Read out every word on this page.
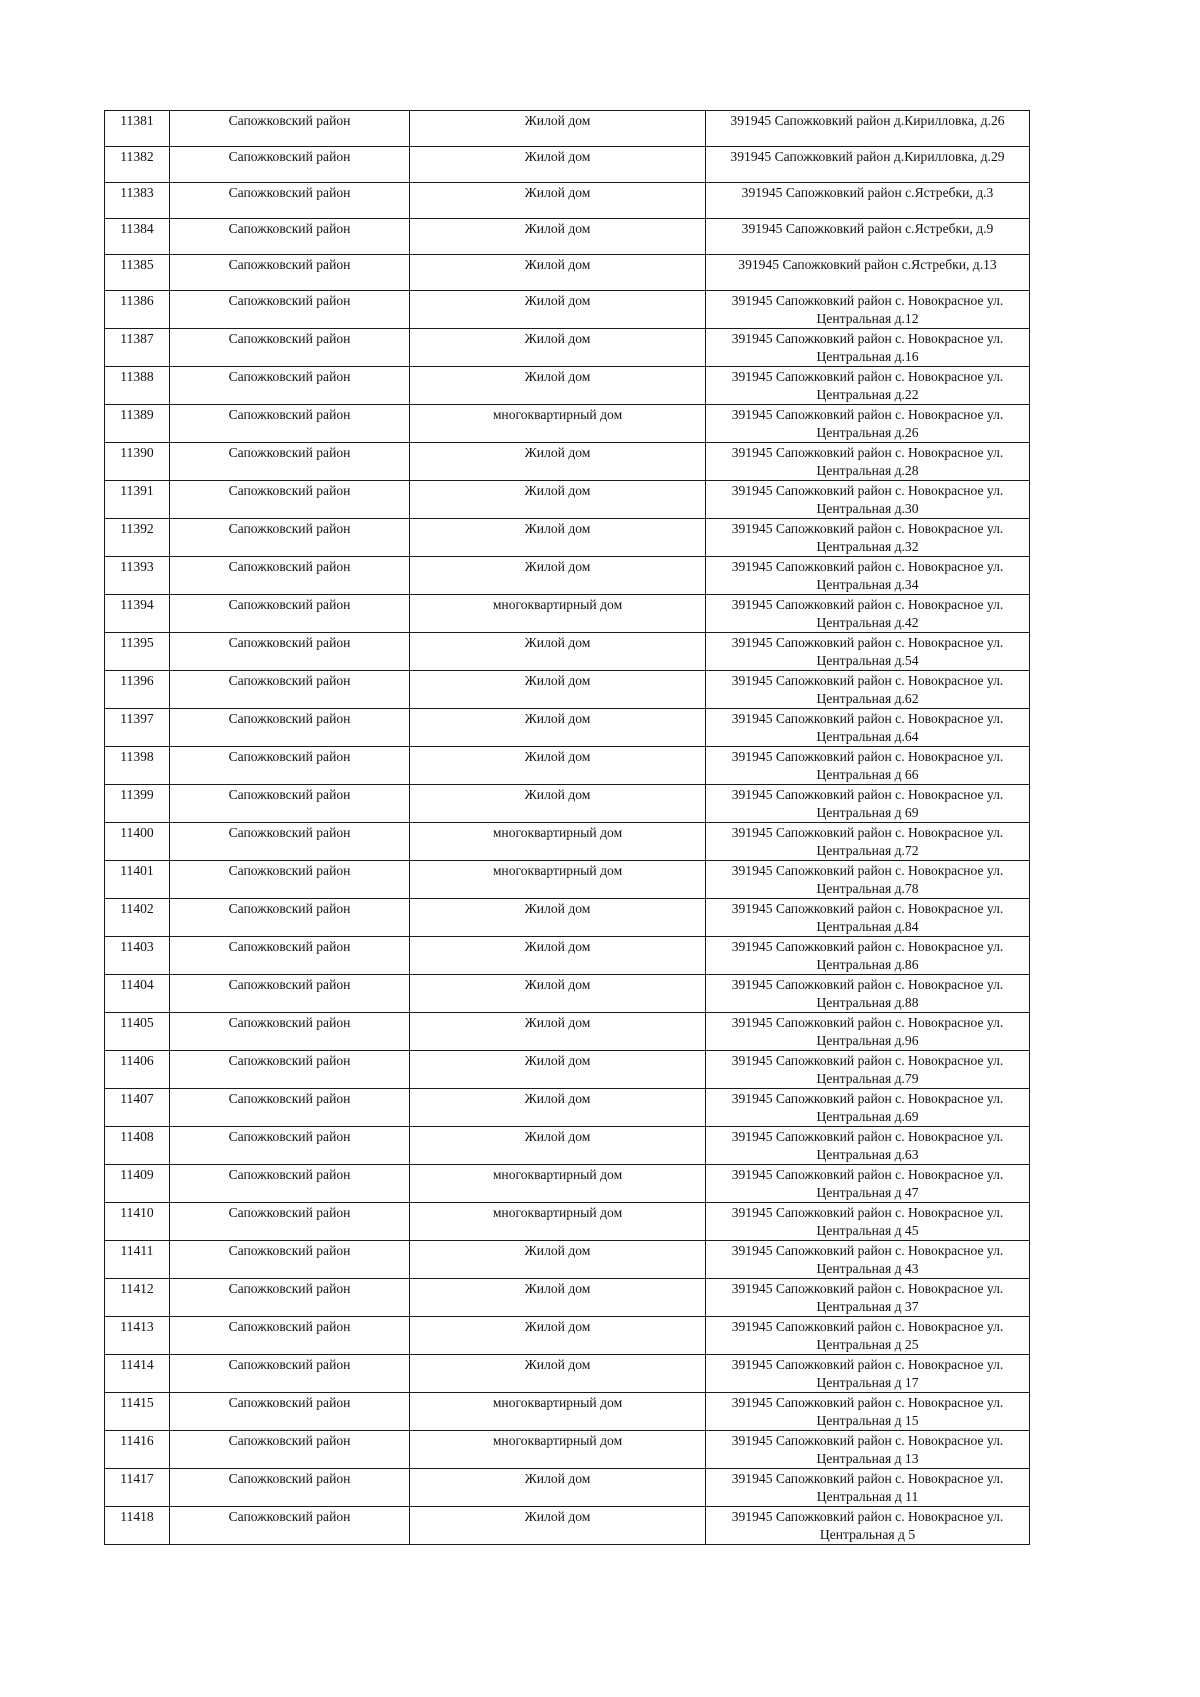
11381	Сапожковский район	Жилой дом	391945 Сапожковкий район д.Кирилловка, д.26
11382	Сапожковский район	Жилой дом	391945 Сапожковкий район д.Кирилловка, д.29
11383	Сапожковский район	Жилой дом	391945 Сапожковкий район с.Ястребки, д.3
11384	Сапожковский район	Жилой дом	391945 Сапожковкий район с.Ястребки, д.9
11385	Сапожковский район	Жилой дом	391945 Сапожковкий район с.Ястребки, д.13
11386	Сапожковский район	Жилой дом	391945 Сапожковкий район с. Новокрасное ул.
Центральная д.12
11387	Сапожковский район	Жилой дом	391945 Сапожковкий район с. Новокрасное ул.
Центральная д.16
11388	Сапожковский район	Жилой дом	391945 Сапожковкий район с. Новокрасное ул.
Центральная д.22
11389	Сапожковский район	многоквартирный дом	391945 Сапожковкий район с. Новокрасное ул.
Центральная д.26
11390	Сапожковский район	Жилой дом	391945 Сапожковкий район с. Новокрасное ул.
Центральная д.28
11391	Сапожковский район	Жилой дом	391945 Сапожковкий район с. Новокрасное ул.
Центральная д.30
11392	Сапожковский район	Жилой дом	391945 Сапожковкий район с. Новокрасное ул.
Центральная д.32
11393	Сапожковский район	Жилой дом	391945 Сапожковкий район с. Новокрасное ул.
Центральная д.34
11394	Сапожковский район	многоквартирный дом	391945 Сапожковкий район с. Новокрасное ул.
Центральная д.42
11395	Сапожковский район	Жилой дом	391945 Сапожковкий район с. Новокрасное ул.
Центральная д.54
11396	Сапожковский район	Жилой дом	391945 Сапожковкий район с. Новокрасное ул.
Центральная д.62
11397	Сапожковский район	Жилой дом	391945 Сапожковкий район с. Новокрасное ул.
Центральная д.64
11398	Сапожковский район	Жилой дом	391945 Сапожковкий район с. Новокрасное ул.
Центральная д 66
11399	Сапожковский район	Жилой дом	391945 Сапожковкий район с. Новокрасное ул.
Центральная д 69
11400	Сапожковский район	многоквартирный дом	391945 Сапожковкий район с. Новокрасное ул.
Центральная д.72
11401	Сапожковский район	многоквартирный дом	391945 Сапожковкий район с. Новокрасное ул.
Центральная д.78
11402	Сапожковский район	Жилой дом	391945 Сапожковкий район с. Новокрасное ул.
Центральная д.84
11403	Сапожковский район	Жилой дом	391945 Сапожковкий район с. Новокрасное ул.
Центральная д.86
11404	Сапожковский район	Жилой дом	391945 Сапожковкий район с. Новокрасное ул.
Центральная д.88
11405	Сапожковский район	Жилой дом	391945 Сапожковкий район с. Новокрасное ул.
Центральная д.96
11406	Сапожковский район	Жилой дом	391945 Сапожковкий район с. Новокрасное ул.
Центральная д.79
11407	Сапожковский район	Жилой дом	391945 Сапожковкий район с. Новокрасное ул.
Центральная д.69
11408	Сапожковский район	Жилой дом	391945 Сапожковкий район с. Новокрасное ул.
Центральная д.63
11409	Сапожковский район	многоквартирный дом	391945 Сапожковкий район с. Новокрасное ул.
Центральная д 47
11410	Сапожковский район	многоквартирный дом	391945 Сапожковкий район с. Новокрасное ул.
Центральная д 45
11411	Сапожковский район	Жилой дом	391945 Сапожковкий район с. Новокрасное ул.
Центральная д 43
11412	Сапожковский район	Жилой дом	391945 Сапожковкий район с. Новокрасное ул.
Центральная д 37
11413	Сапожковский район	Жилой дом	391945 Сапожковкий район с. Новокрасное ул.
Центральная д 25
11414	Сапожковский район	Жилой дом	391945 Сапожковкий район с. Новокрасное ул.
Центральная д 17
11415	Сапожковский район	многоквартирный дом	391945 Сапожковкий район с. Новокрасное ул.
Центральная д 15
11416	Сапожковский район	многоквартирный дом	391945 Сапожковкий район с. Новокрасное ул.
Центральная д 13
11417	Сапожковский район	Жилой дом	391945 Сапожковкий район с. Новокрасное ул.
Центральная д 11
11418	Сапожковский район	Жилой дом	391945 Сапожковкий район с. Новокрасное ул.
Центральная д 5
